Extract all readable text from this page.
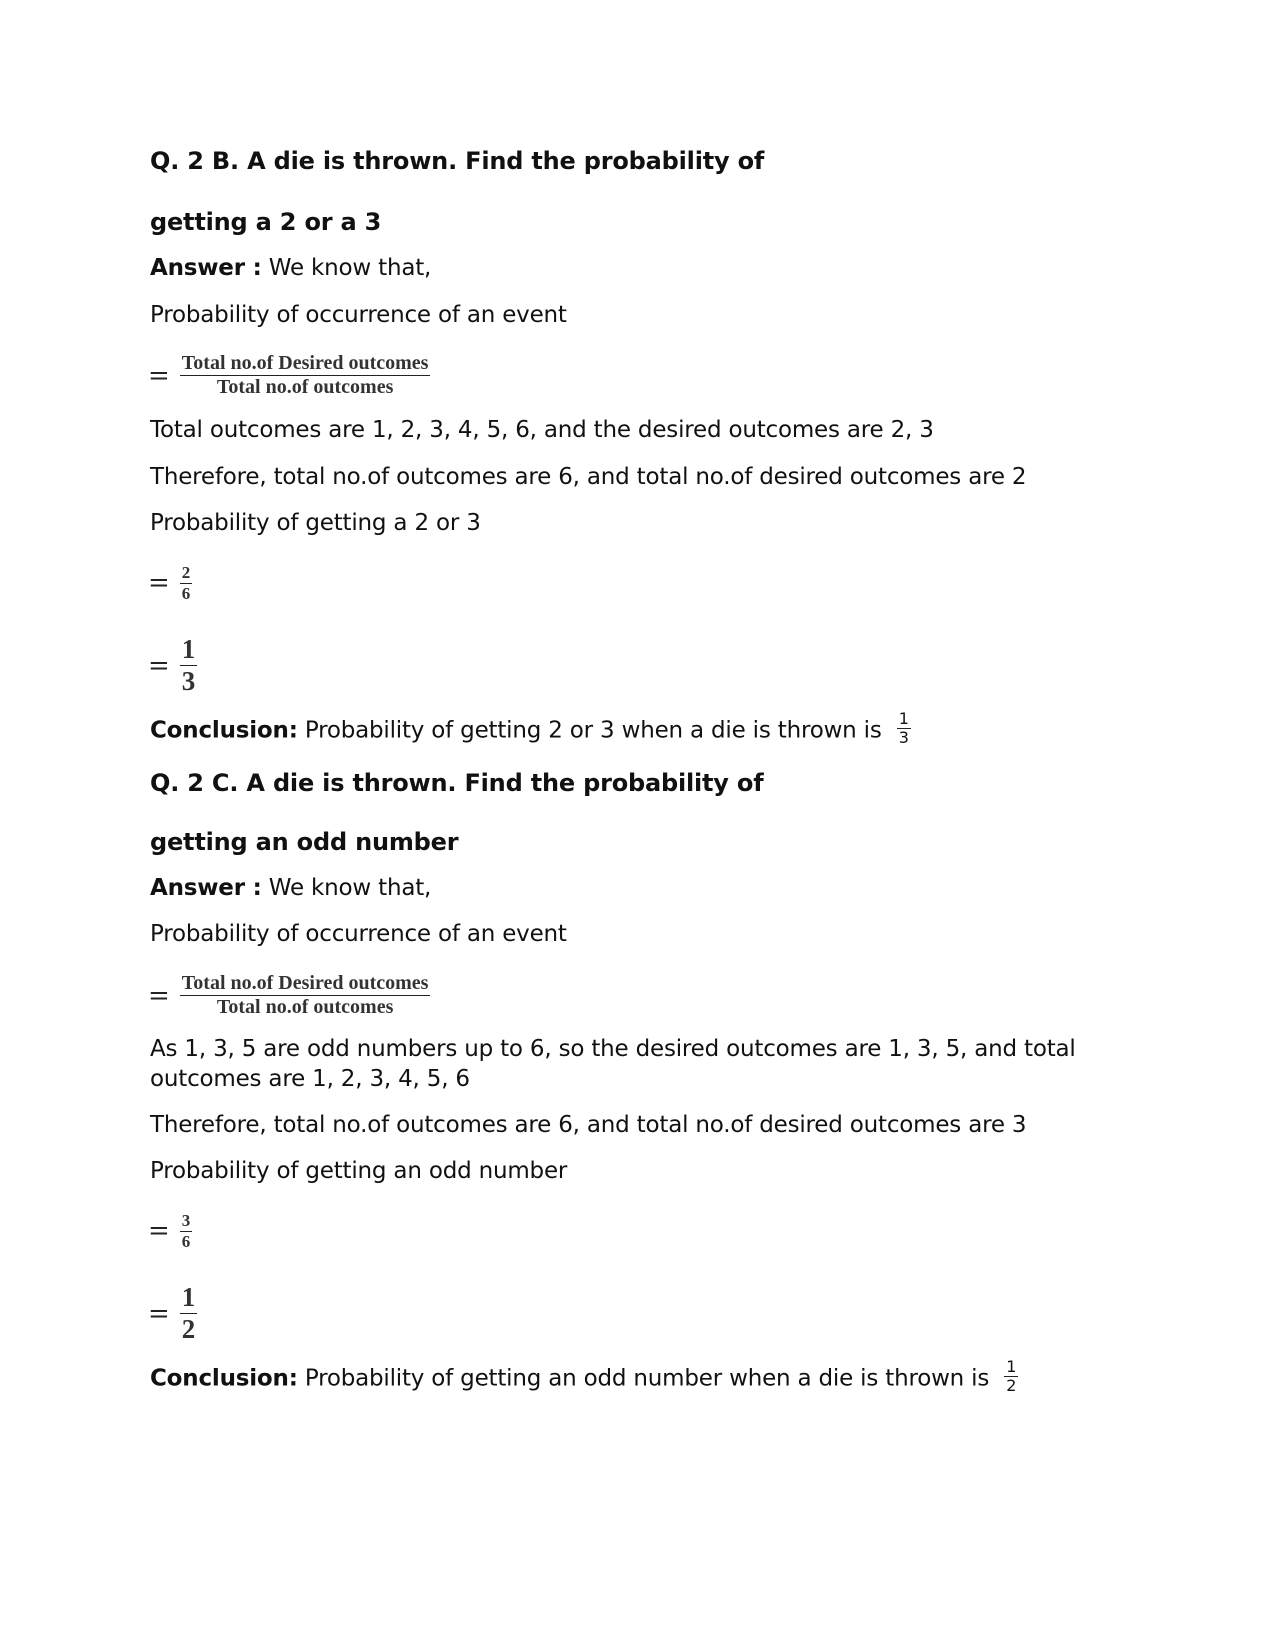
Q. 2 B. A die is thrown. Find the probability of
getting a 2 or a 3
Answer : We know that,
Probability of occurrence of an event
= $\frac{\text{Total no.of Desired outcomes}}{\text{Total no.of outcomes}}$
Total outcomes are 1, 2, 3, 4, 5, 6, and the desired outcomes are 2, 3
Therefore, total no.of outcomes are 6, and total no.of desired outcomes are 2
Probability of getting a 2 or 3
= $\frac{2}{6}$
= $\frac{1}{3}$
Conclusion: Probability of getting 2 or 3 when a die is thrown is $\frac{1}{3}$
Q. 2 C. A die is thrown. Find the probability of
getting an odd number
Answer : We know that,
Probability of occurrence of an event
= $\frac{\text{Total no.of Desired outcomes}}{\text{Total no.of outcomes}}$
As 1, 3, 5 are odd numbers up to 6, so the desired outcomes are 1, 3, 5, and total
outcomes are 1, 2, 3, 4, 5, 6
Therefore, total no.of outcomes are 6, and total no.of desired outcomes are 3
Probability of getting an odd number
= $\frac{3}{6}$
= $\frac{1}{2}$
Conclusion: Probability of getting an odd number when a die is thrown is $\frac{1}{2}$
